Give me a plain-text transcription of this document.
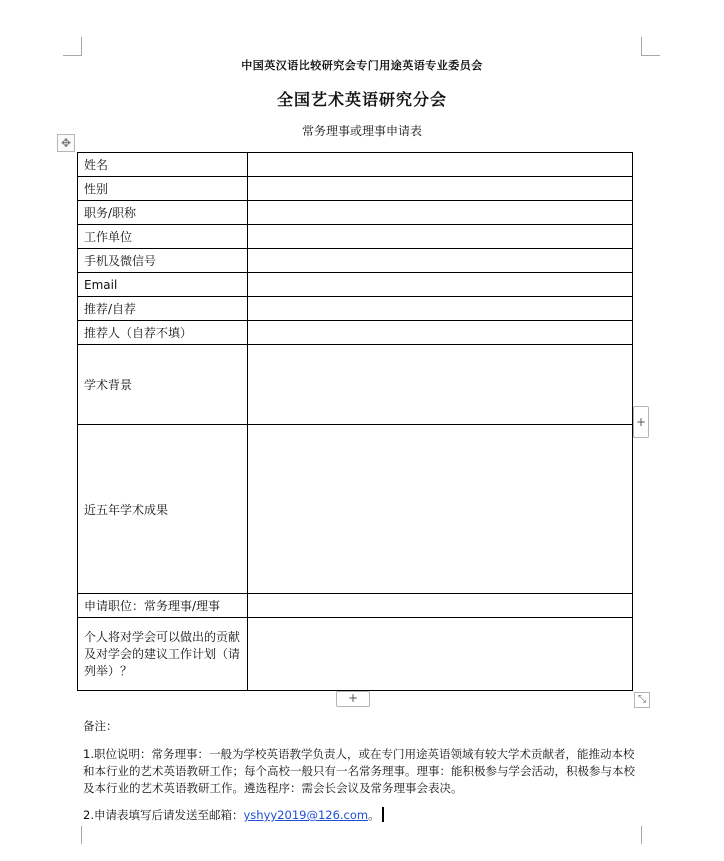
中国英汉语比较研究会专门用途英语专业委员会
全国艺术英语研究分会
常务理事或理事申请表
✥
姓名	
性别	
职务/职称	
工作单位	
手机及微信号	
Email	
推荐/自荐	
推荐人（自荐不填）	
学术背景	
近五年学术成果	
申请职位：常务理事/理事	
个人将对学会可以做出的贡献及对学会的建议工作计划（请列举）？	
+
+	⤡
备注：
1.职位说明：常务理事：一般为学校英语教学负责人，或在专门用途英语领域有较大学术贡献者，能推动本校和本行业的艺术英语教研工作；每个高校一般只有一名常务理事。理事：能积极参与学会活动，积极参与本校及本行业的艺术英语教研工作。遴选程序：需会长会议及常务理事会表决。
2.申请表填写后请发送至邮箱：yshyy2019@126.com。
